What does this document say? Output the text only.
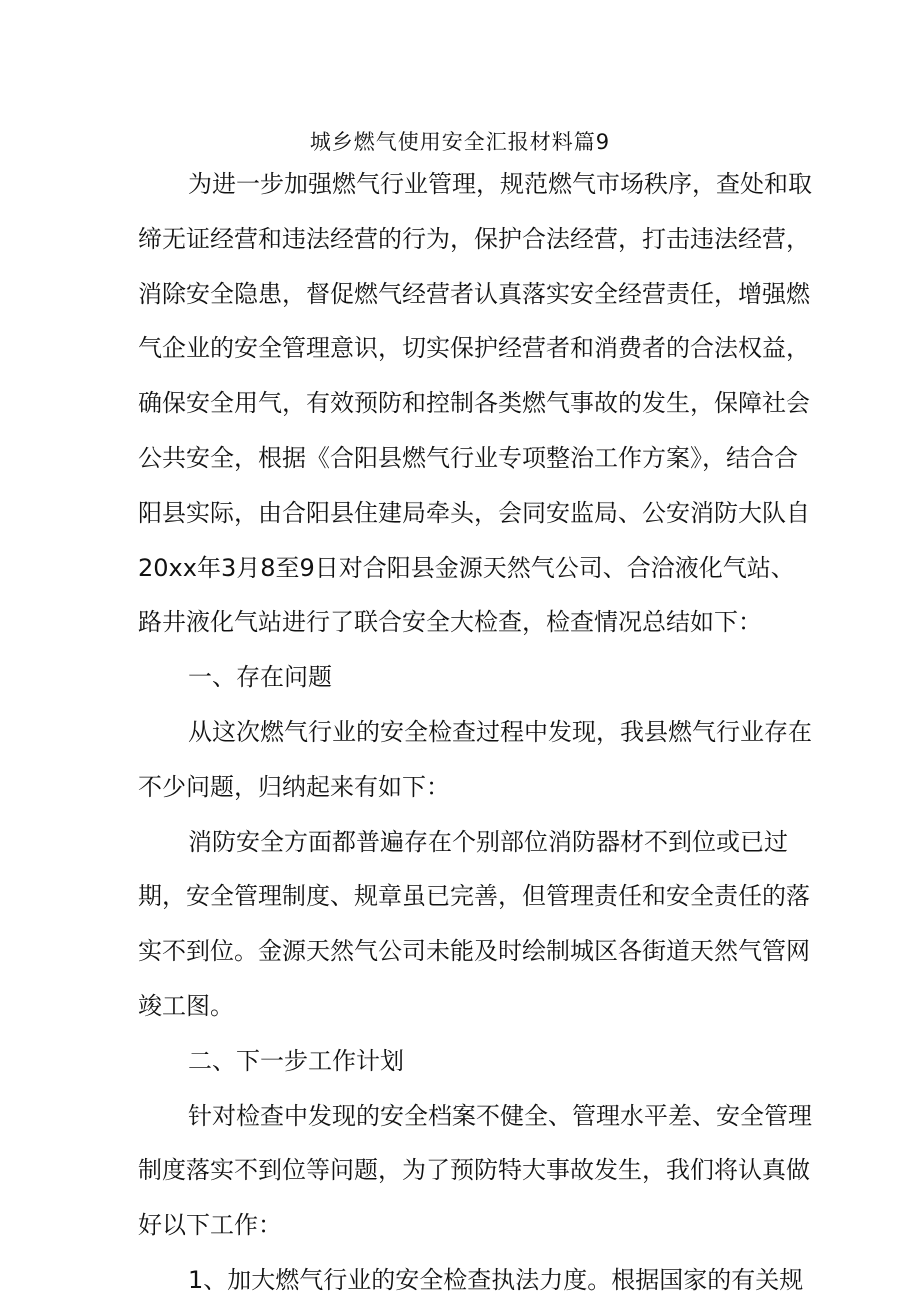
城乡燃气使用安全汇报材料篇9
为进一步加强燃气行业管理，规范燃气市场秩序，查处和取
缔无证经营和违法经营的行为，保护合法经营，打击违法经营，
消除安全隐患，督促燃气经营者认真落实安全经营责任，增强燃
气企业的安全管理意识，切实保护经营者和消费者的合法权益，
确保安全用气，有效预防和控制各类燃气事故的发生，保障社会
公共安全，根据《合阳县燃气行业专项整治工作方案》，结合合
阳县实际，由合阳县住建局牵头，会同安监局、公安消防大队自
20xx年3月8至9日对合阳县金源天然气公司、合洽液化气站、
路井液化气站进行了联合安全大检查，检查情况总结如下：
一、存在问题
从这次燃气行业的安全检查过程中发现，我县燃气行业存在
不少问题，归纳起来有如下：
消防安全方面都普遍存在个别部位消防器材不到位或已过
期，安全管理制度、规章虽已完善，但管理责任和安全责任的落
实不到位。金源天然气公司未能及时绘制城区各街道天然气管网
竣工图。
二、下一步工作计划
针对检查中发现的安全档案不健全、管理水平差、安全管理
制度落实不到位等问题，为了预防特大事故发生，我们将认真做
好以下工作：
1、加大燃气行业的安全检查执法力度。根据国家的有关规
